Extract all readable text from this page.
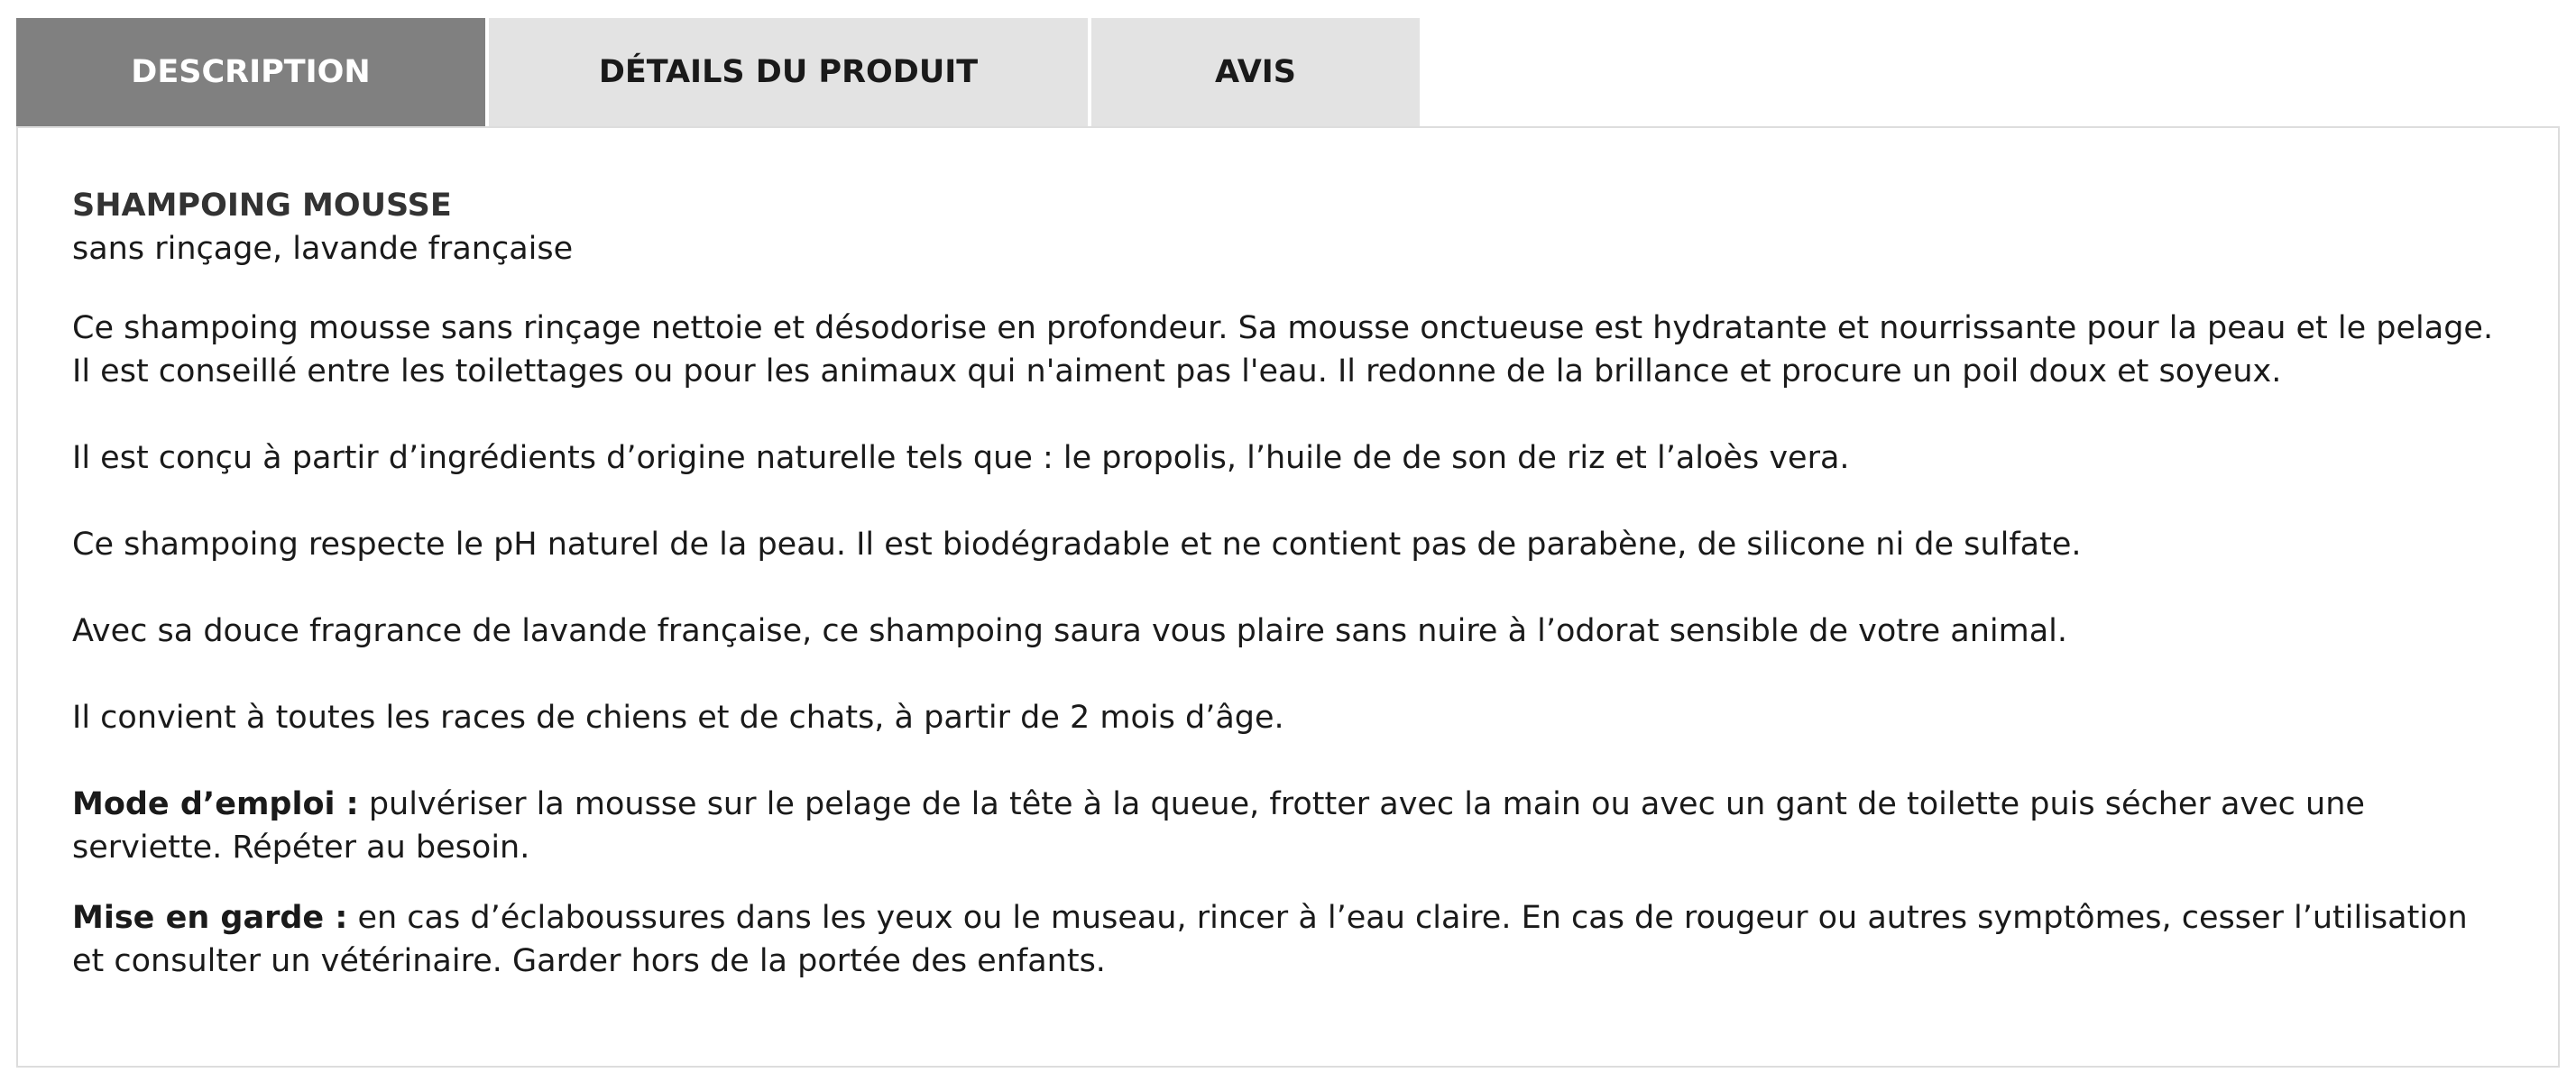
DESCRIPTION	DÉTAILS DU PRODUIT	AVIS

SHAMPOING MOUSSE

sans rinçage, lavande française

Ce shampoing mousse sans rinçage nettoie et désodorise en profondeur. Sa mousse onctueuse est hydratante et nourrissante pour la peau et le pelage. Il est conseillé entre les toilettages ou pour les animaux qui n'aiment pas l'eau. Il redonne de la brillance et procure un poil doux et soyeux.

Il est conçu à partir d’ingrédients d’origine naturelle tels que : le propolis, l’huile de de son de riz et l’aloès vera.

Ce shampoing respecte le pH naturel de la peau. Il est biodégradable et ne contient pas de parabène, de silicone ni de sulfate.

Avec sa douce fragrance de lavande française, ce shampoing saura vous plaire sans nuire à l’odorat sensible de votre animal.

Il convient à toutes les races de chiens et de chats, à partir de 2 mois d’âge.

Mode d’emploi : pulvériser la mousse sur le pelage de la tête à la queue, frotter avec la main ou avec un gant de toilette puis sécher avec une serviette. Répéter au besoin.

Mise en garde : en cas d’éclaboussures dans les yeux ou le museau, rincer à l’eau claire. En cas de rougeur ou autres symptômes, cesser l’utilisation et consulter un vétérinaire. Garder hors de la portée des enfants.
